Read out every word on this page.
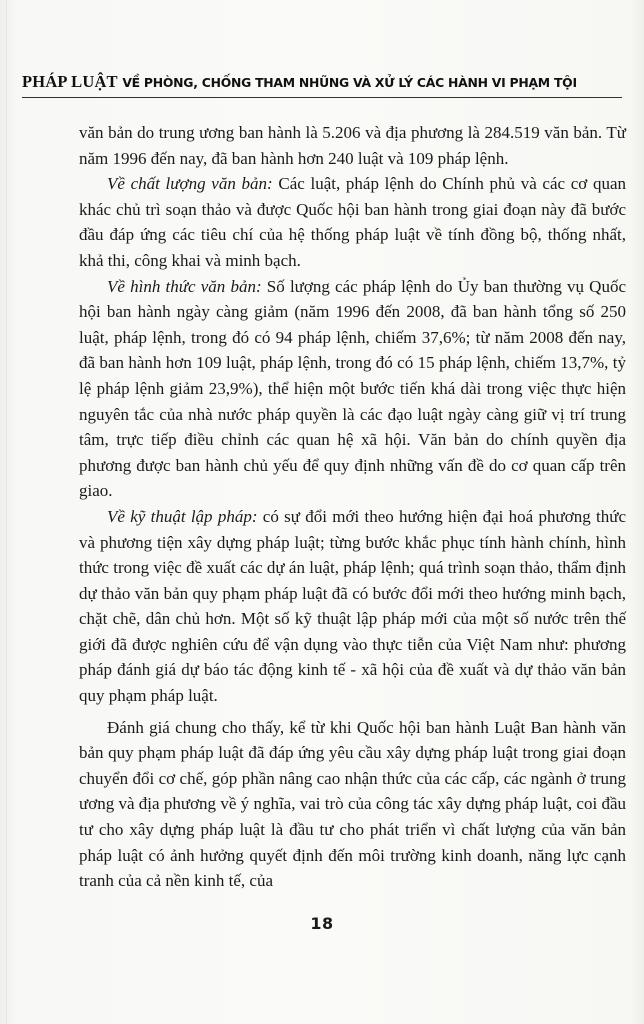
PHÁP LUẬT VỀ PHÒNG, CHỐNG THAM NHŨNG VÀ XỬ LÝ CÁC HÀNH VI PHẠM TỘI

văn bản do trung ương ban hành là 5.206 và địa phương là 284.519 văn bản. Từ năm 1996 đến nay, đã ban hành hơn 240 luật và 109 pháp lệnh.

Về chất lượng văn bản: Các luật, pháp lệnh do Chính phủ và các cơ quan khác chủ trì soạn thảo và được Quốc hội ban hành trong giai đoạn này đã bước đầu đáp ứng các tiêu chí của hệ thống pháp luật về tính đồng bộ, thống nhất, khả thi, công khai và minh bạch.

Về hình thức văn bản: Số lượng các pháp lệnh do Ủy ban thường vụ Quốc hội ban hành ngày càng giảm (năm 1996 đến 2008, đã ban hành tổng số 250 luật, pháp lệnh, trong đó có 94 pháp lệnh, chiếm 37,6%; từ năm 2008 đến nay, đã ban hành hơn 109 luật, pháp lệnh, trong đó có 15 pháp lệnh, chiếm 13,7%, tỷ lệ pháp lệnh giảm 23,9%), thể hiện một bước tiến khá dài trong việc thực hiện nguyên tắc của nhà nước pháp quyền là các đạo luật ngày càng giữ vị trí trung tâm, trực tiếp điều chỉnh các quan hệ xã hội. Văn bản do chính quyền địa phương được ban hành chủ yếu để quy định những vấn đề do cơ quan cấp trên giao.

Về kỹ thuật lập pháp: có sự đổi mới theo hướng hiện đại hoá phương thức và phương tiện xây dựng pháp luật; từng bước khắc phục tính hành chính, hình thức trong việc đề xuất các dự án luật, pháp lệnh; quá trình soạn thảo, thẩm định dự thảo văn bản quy phạm pháp luật đã có bước đổi mới theo hướng minh bạch, chặt chẽ, dân chủ hơn. Một số kỹ thuật lập pháp mới của một số nước trên thế giới đã được nghiên cứu để vận dụng vào thực tiễn của Việt Nam như: phương pháp đánh giá dự báo tác động kinh tế - xã hội của đề xuất và dự thảo văn bản quy phạm pháp luật.

Đánh giá chung cho thấy, kể từ khi Quốc hội ban hành Luật Ban hành văn bản quy phạm pháp luật đã đáp ứng yêu cầu xây dựng pháp luật trong giai đoạn chuyển đổi cơ chế, góp phần nâng cao nhận thức của các cấp, các ngành ở trung ương và địa phương về ý nghĩa, vai trò của công tác xây dựng pháp luật, coi đầu tư cho xây dựng pháp luật là đầu tư cho phát triển vì chất lượng của văn bản pháp luật có ảnh hưởng quyết định đến môi trường kinh doanh, năng lực cạnh tranh của cả nền kinh tế, của

18
